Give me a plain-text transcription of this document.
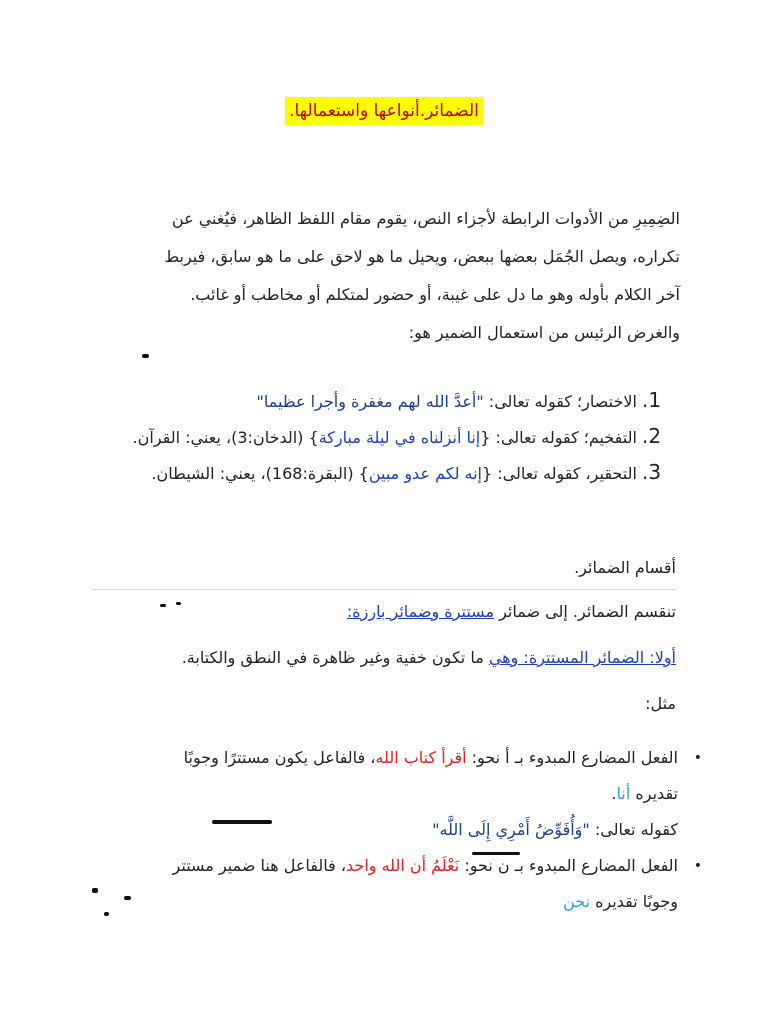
الضمائر.أنواعها واستعمالها.
الضِمِيرِ من الأدوات الرابطة لأجزاء النص، يقوم مقام اللفظ الظاهر، فيُغني عن
تكراره، ويصل الجُمَل بعضها ببعض، ويحيل ما هو لاحق على ما هو سابق، فيربط
آخر الكلام بأوله وهو ما دل على غيبة، أو حضور لمتكلم أو مخاطب أو غائب.
والغرض الرئيس من استعمال الضمير هو:
1. الاختصار؛ كقوله تعالى: "أعدَّ الله لهم مغفرة وأجرا عظيما"
2. التفخيم؛ كقوله تعالى: {إنا أنزلناه في ليلة مباركة} (الدخان:3)، يعني: القرآن.
3. التحقير، كقوله تعالى: {إنه لكم عدو مبين} (البقرة:168)، يعني: الشيطان.
أقسام الضمائر.
تنقسم الضمائر. إلى ضمائر مستترة وضمائر بارزة:
أولا: الضمائر المستترة: وهي ما تكون خفية وغير ظاهرة في النطق والكتابة.
مثل:
•
الفعل المضارع المبدوء بـ أ نحو: أقرأ كتاب الله، فالفاعل يكون مستترًا وجوبًا
تقديره أنا.
كقوله تعالى: "وَأُفَوِّضُ أَمْرِي إِلَى اللَّه"
•
الفعل المضارع المبدوء بـ ن نحو: نَعْلَمُ أن الله واحد، فالفاعل هنا ضمير مستتر
وجوبًا تقديره نحن
